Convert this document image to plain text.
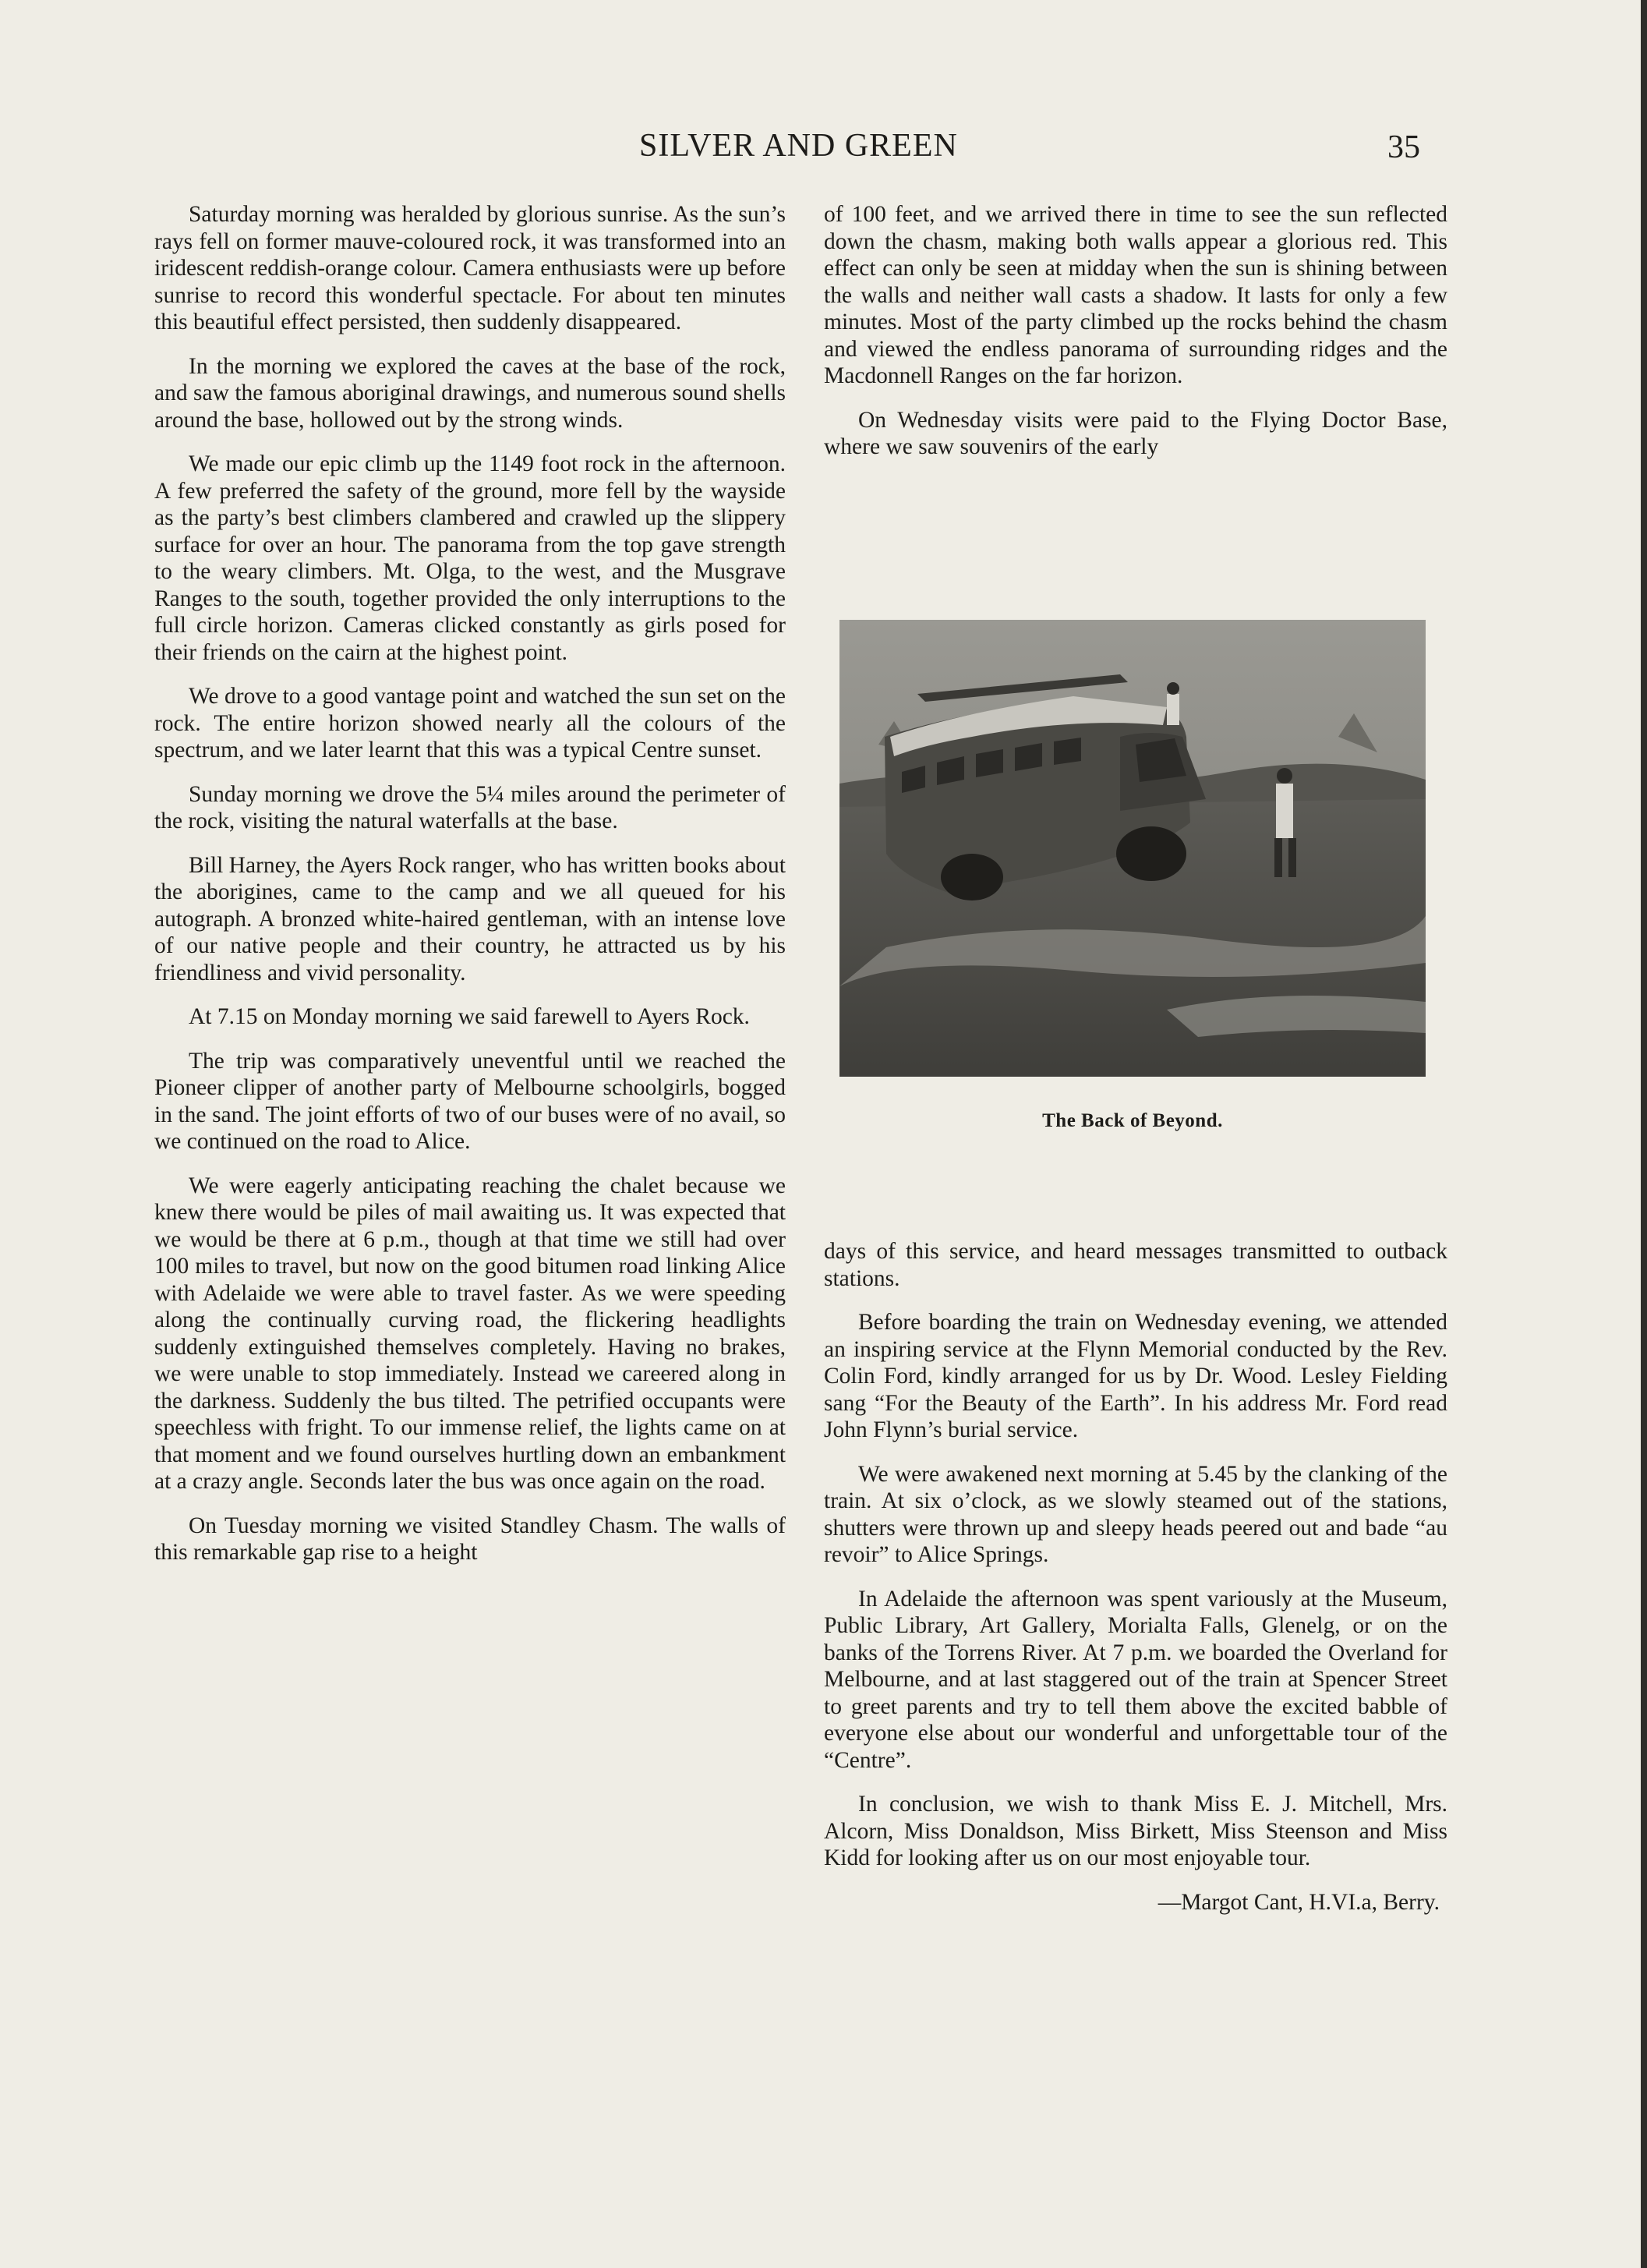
SILVER AND GREEN	35

Saturday morning was heralded by glorious sunrise. As the sun’s rays fell on former mauve-coloured rock, it was transformed into an iridescent reddish-orange colour. Camera enthusiasts were up before sunrise to record this wonderful spectacle. For about ten minutes this beautiful effect persisted, then suddenly disappeared.

In the morning we explored the caves at the base of the rock, and saw the famous aboriginal drawings, and numerous sound shells around the base, hollowed out by the strong winds.

We made our epic climb up the 1149 foot rock in the afternoon. A few preferred the safety of the ground, more fell by the wayside as the party’s best climbers clambered and crawled up the slippery surface for over an hour. The panorama from the top gave strength to the weary climbers. Mt. Olga, to the west, and the Musgrave Ranges to the south, together provided the only interruptions to the full circle horizon. Cameras clicked constantly as girls posed for their friends on the cairn at the highest point.

We drove to a good vantage point and watched the sun set on the rock. The entire horizon showed nearly all the colours of the spectrum, and we later learnt that this was a typical Centre sunset.

Sunday morning we drove the 5¼ miles around the perimeter of the rock, visiting the natural waterfalls at the base.

Bill Harney, the Ayers Rock ranger, who has written books about the aborigines, came to the camp and we all queued for his autograph. A bronzed white-haired gentleman, with an intense love of our native people and their country, he attracted us by his friendliness and vivid personality.

At 7.15 on Monday morning we said farewell to Ayers Rock.

The trip was comparatively uneventful until we reached the Pioneer clipper of another party of Melbourne schoolgirls, bogged in the sand. The joint efforts of two of our buses were of no avail, so we continued on the road to Alice.

We were eagerly anticipating reaching the chalet because we knew there would be piles of mail awaiting us. It was expected that we would be there at 6 p.m., though at that time we still had over 100 miles to travel, but now on the good bitumen road linking Alice with Adelaide we were able to travel faster. As we were speeding along the continually curving road, the flickering headlights suddenly extinguished themselves completely. Having no brakes, we were unable to stop immediately. Instead we careered along in the darkness. Suddenly the bus tilted. The petrified occupants were speechless with fright. To our immense relief, the lights came on at that moment and we found ourselves hurtling down an embankment at a crazy angle. Seconds later the bus was once again on the road.

On Tuesday morning we visited Standley Chasm. The walls of this remarkable gap rise to a height

of 100 feet, and we arrived there in time to see the sun reflected down the chasm, making both walls appear a glorious red. This effect can only be seen at midday when the sun is shining between the walls and neither wall casts a shadow. It lasts for only a few minutes. Most of the party climbed up the rocks behind the chasm and viewed the endless panorama of surrounding ridges and the Macdonnell Ranges on the far horizon.

On Wednesday visits were paid to the Flying Doctor Base, where we saw souvenirs of the early

The Back of Beyond.

days of this service, and heard messages transmitted to outback stations.

Before boarding the train on Wednesday evening, we attended an inspiring service at the Flynn Memorial conducted by the Rev. Colin Ford, kindly arranged for us by Dr. Wood. Lesley Fielding sang “For the Beauty of the Earth”. In his address Mr. Ford read John Flynn’s burial service.

We were awakened next morning at 5.45 by the clanking of the train. At six o’clock, as we slowly steamed out of the stations, shutters were thrown up and sleepy heads peered out and bade “au revoir” to Alice Springs.

In Adelaide the afternoon was spent variously at the Museum, Public Library, Art Gallery, Morialta Falls, Glenelg, or on the banks of the Torrens River. At 7 p.m. we boarded the Overland for Melbourne, and at last staggered out of the train at Spencer Street to greet parents and try to tell them above the excited babble of everyone else about our wonderful and unforgettable tour of the “Centre”.

In conclusion, we wish to thank Miss E. J. Mitchell, Mrs. Alcorn, Miss Donaldson, Miss Birkett, Miss Steenson and Miss Kidd for looking after us on our most enjoyable tour.

—Margot Cant, H.VI.a, Berry.
